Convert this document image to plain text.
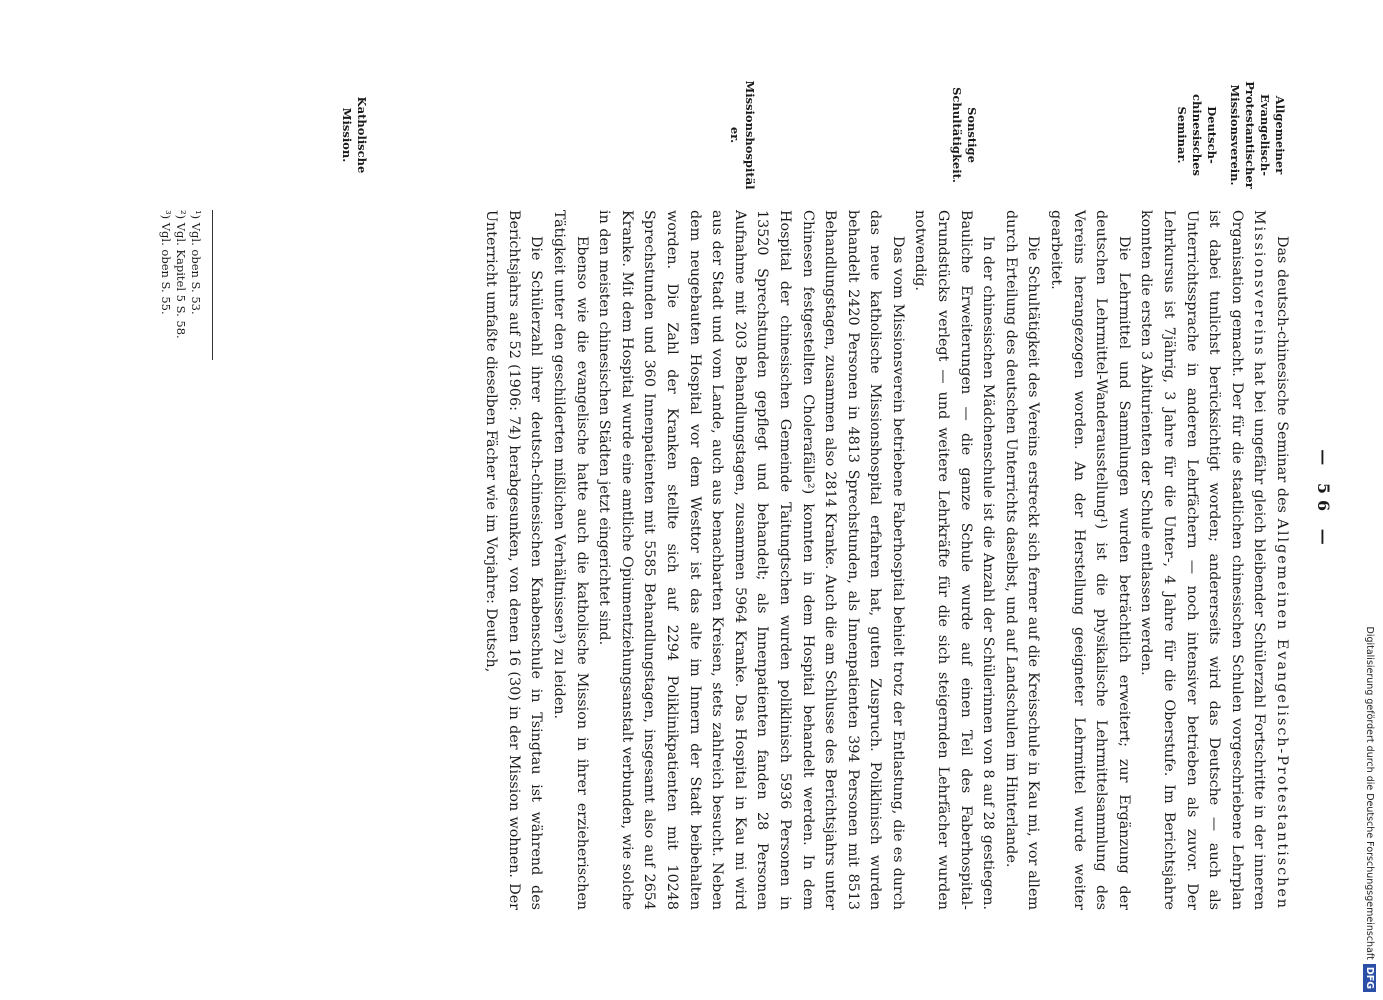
— 56 —
Allgemeiner Evangelisch-Protestantischer Missionsverein.
Deutsch-chinesisches Seminar.
Sonstige Schultätigkeit.
Missionshospitäler.
Katholische Mission.

Das deutsch-chinesische Seminar des Allgemeinen Evangelisch-Protestantischen Missionsvereins hat bei ungefähr gleich bleibender Schülerzahl Fortschritte in der inneren Organisation gemacht. Der für die staatlichen chinesischen Schulen vorgeschriebene Lehrplan ist dabei tunlichst berücksichtigt worden; andererseits wird das Deutsche — auch als Unterrichtssprache in anderen Lehrfächern — noch intensiver betrieben als zuvor. Der Lehrkursus ist 7jährig, 3 Jahre für die Unter-, 4 Jahre für die Oberstufe. Im Berichtsjahre konnten die ersten 3 Abiturienten der Schule entlassen werden.

Die Lehrmittel und Sammlungen wurden beträchtlich erweitert; zur Ergänzung der deutschen Lehrmittel-Wanderausstellung¹) ist die physikalische Lehrmittelsammlung des Vereins herangezogen worden. An der Herstellung geeigneter Lehrmittel wurde weiter gearbeitet.

Die Schultätigkeit des Vereins erstreckt sich ferner auf die Kreisschule in Kau mi, vor allem durch Erteilung des deutschen Unterrichts daselbst, und auf Landschulen im Hinterlande.

In der chinesischen Mädchenschule ist die Anzahl der Schülerinnen von 8 auf 28 gestiegen. Bauliche Erweiterungen — die ganze Schule wurde auf einen Teil des Faberhospital-Grundstücks verlegt — und weitere Lehrkräfte für die sich steigernden Lehrfächer wurden notwendig.

Das vom Missionsverein betriebene Faberhospital behielt trotz der Entlastung, die es durch das neue katholische Missionshospital erfahren hat, guten Zuspruch. Poliklinisch wurden behandelt 2420 Personen in 4813 Sprechstunden, als Innenpatienten 394 Personen mit 8513 Behandlungstagen, zusammen also 2814 Kranke. Auch die am Schlusse des Berichtsjahrs unter Chinesen festgestellten Cholerafälle²) konnten in dem Hospital behandelt werden. In dem Hospital der chinesischen Gemeinde Taitungtschen wurden poliklinisch 5936 Personen in 13520 Sprechstunden gepflegt und behandelt; als Innenpatienten fanden 28 Personen Aufnahme mit 203 Behandlungstagen, zusammen 5964 Kranke. Das Hospital in Kau mi wird aus der Stadt und vom Lande, auch aus benachbarten Kreisen, stets zahlreich besucht. Neben dem neugebauten Hospital vor dem Westtor ist das alte im Innern der Stadt beibehalten worden. Die Zahl der Kranken stellte sich auf 2294 Poliklinikpatienten mit 10248 Sprechstunden und 360 Innenpatienten mit 5585 Behandlungstagen, insgesamt also auf 2654 Kranke. Mit dem Hospital wurde eine amtliche Opiumentziehungsanstalt verbunden, wie solche in den meisten chinesischen Städten jetzt eingerichtet sind.

Ebenso wie die evangelische hatte auch die katholische Mission in ihrer erzieherischen Tätigkeit unter den geschilderten mißlichen Verhältnissen³) zu leiden.

Die Schülerzahl ihrer deutsch-chinesischen Knabenschule in Tsingtau ist während des Berichtsjahrs auf 52 (1906: 74) herabgesunken, von denen 16 (30) in der Mission wohnen. Der Unterricht umfaßte dieselben Fächer wie im Vorjahre: Deutsch,

¹) Vgl. oben S. 53.
²) Vgl. Kapitel 5 S. 58.
³) Vgl. oben S. 55.
Digitalisierung gefördert durch die Deutsche ForschungsgemeinschaftDFG
